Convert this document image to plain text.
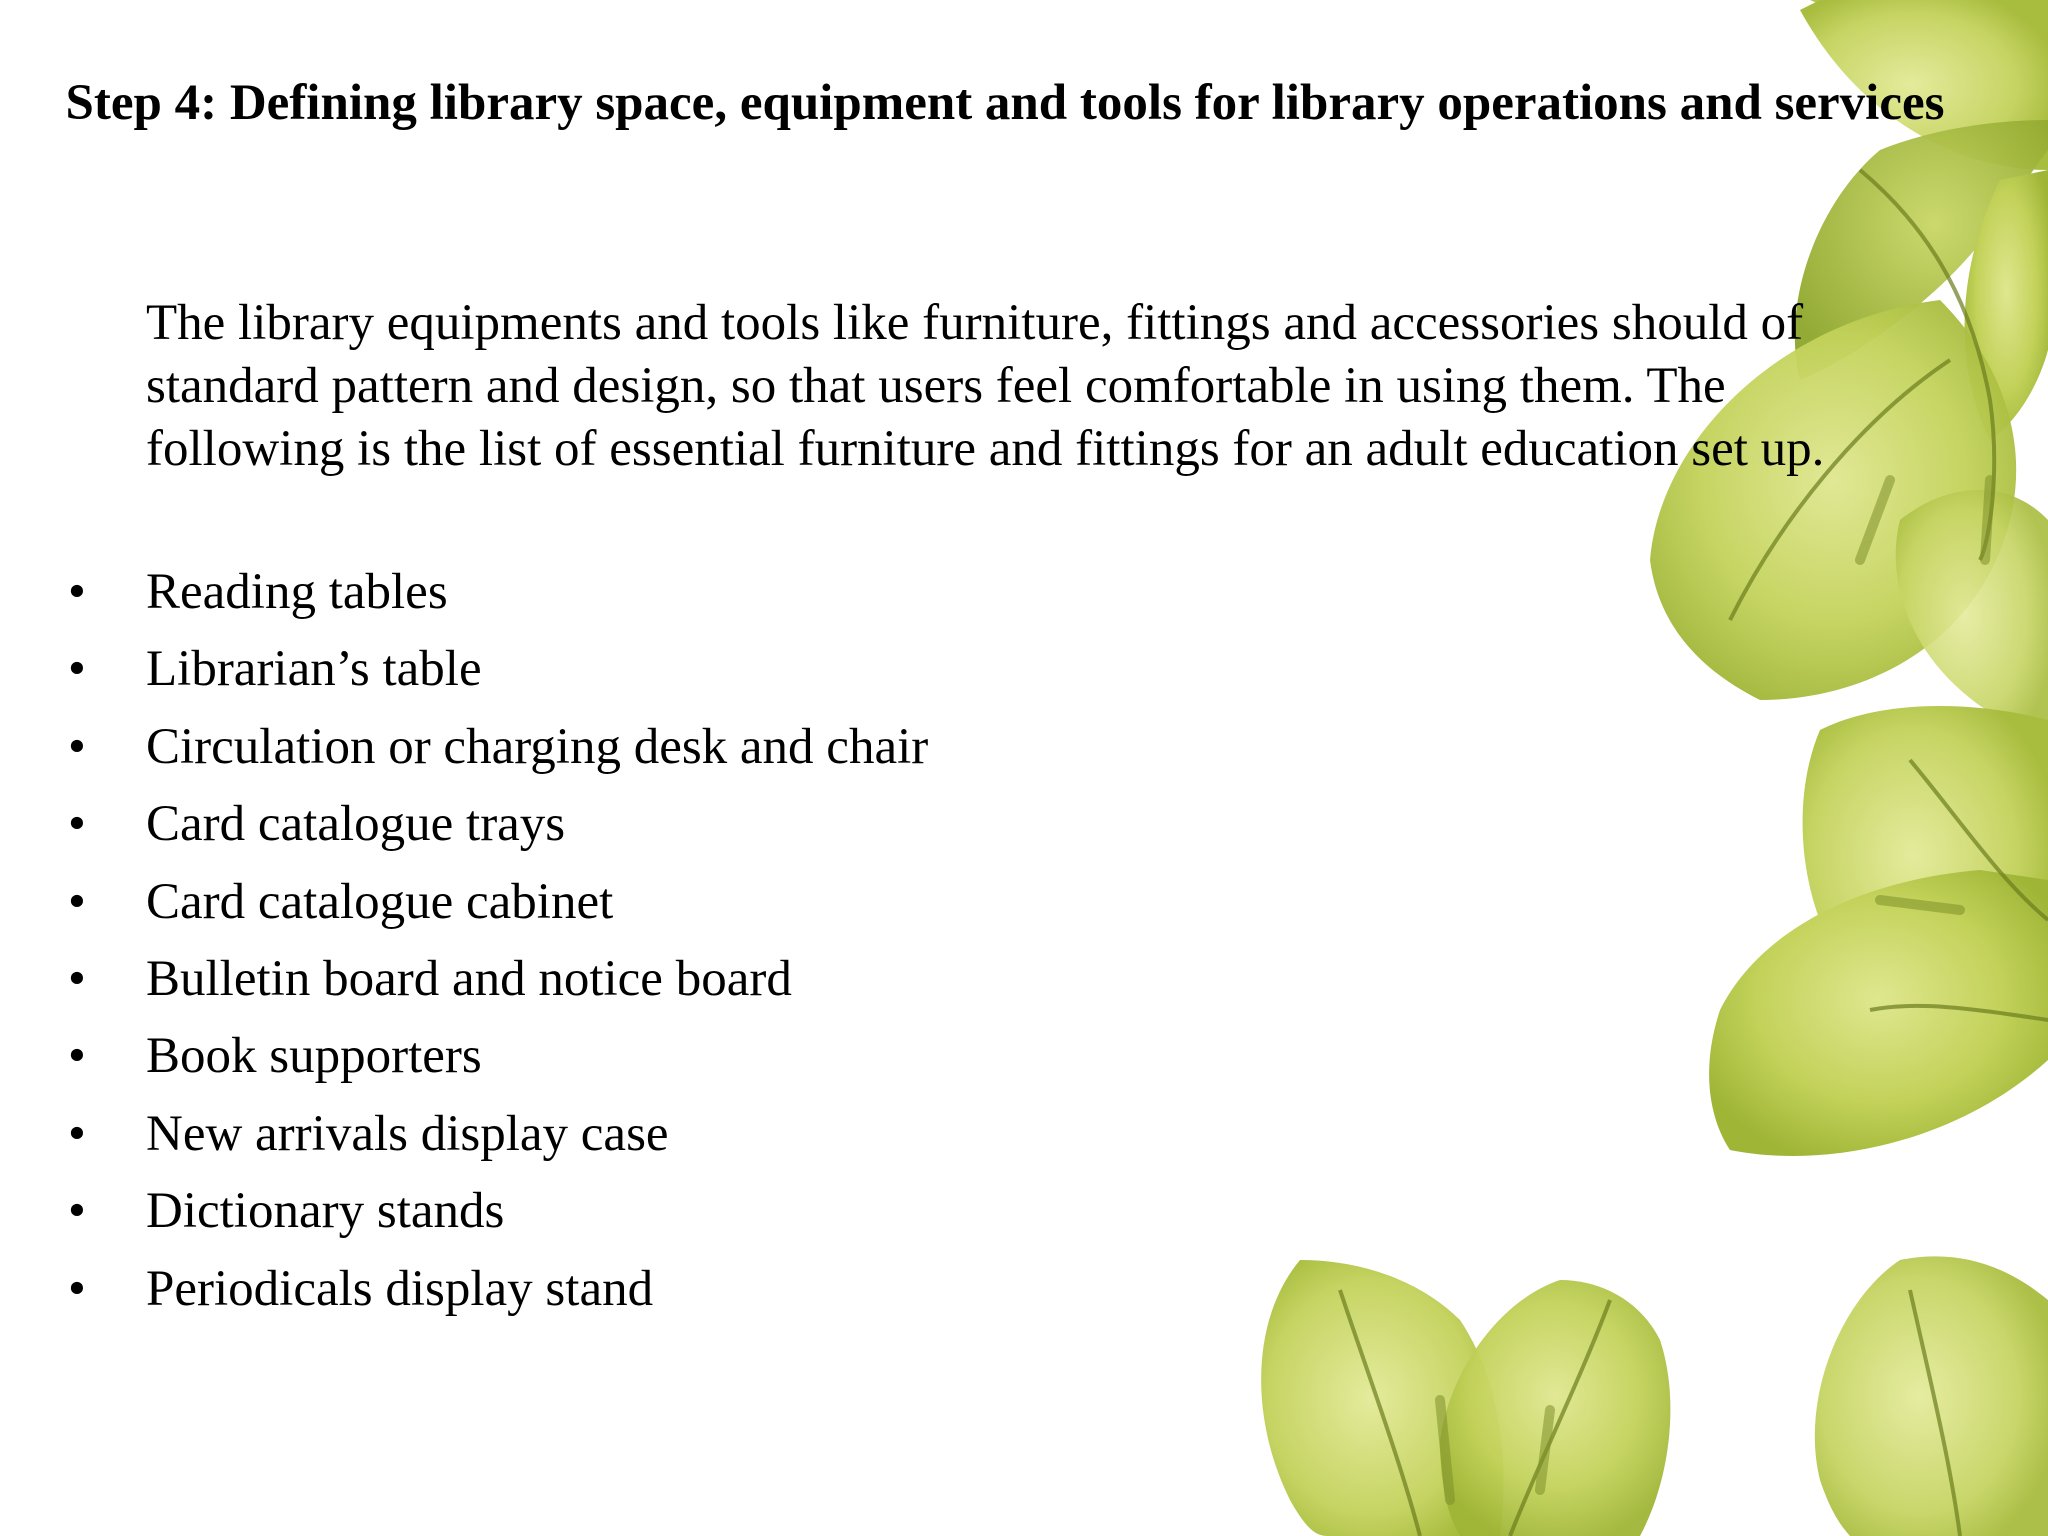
Step 4: Defining library space, equipment and tools for library operations and services

The library equipments and tools like furniture, fittings and accessories should of standard pattern and design, so that users feel comfortable in using them. The following is the list of essential furniture and fittings for an adult education set up.

• Reading tables
• Librarian’s table
• Circulation or charging desk and chair
• Card catalogue trays
• Card catalogue cabinet
• Bulletin board and notice board
• Book supporters
• New arrivals display case
• Dictionary stands
• Periodicals display stand
